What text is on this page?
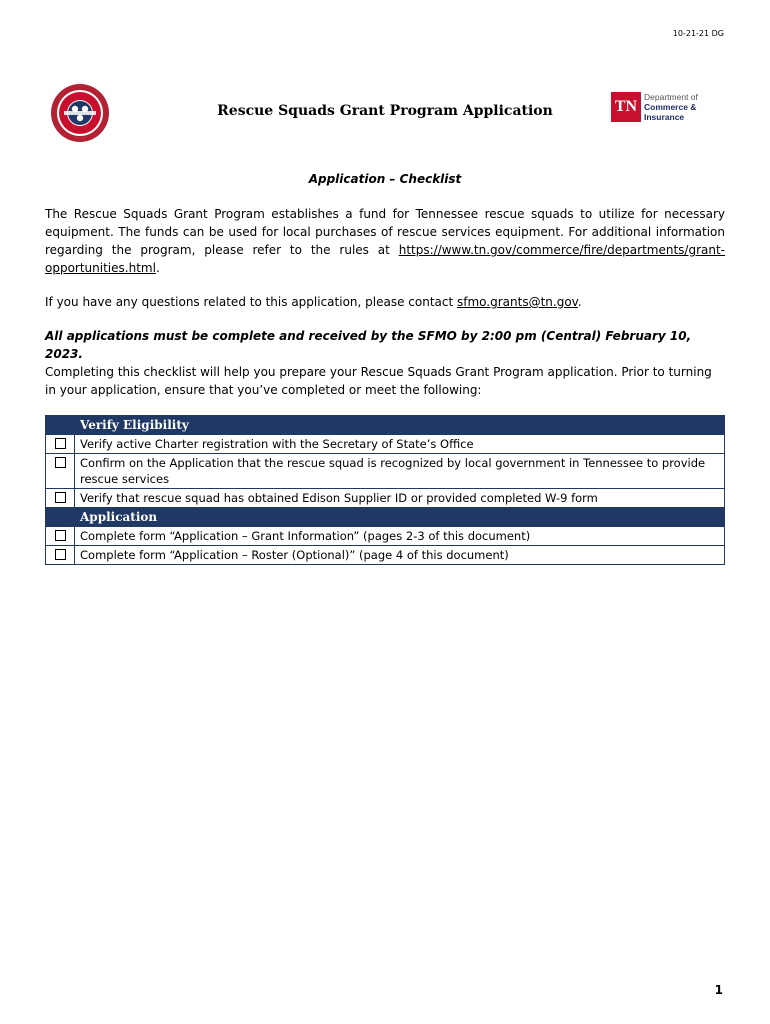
10-21-21 DG
Rescue Squads Grant Program Application	TN
Department of
Commerce &
Insurance
Application – Checklist
The Rescue Squads Grant Program establishes a fund for Tennessee rescue squads to utilize for necessary equipment. The funds can be used for local purchases of rescue services equipment. For additional information regarding the program, please refer to the rules at https://www.tn.gov/commerce/fire/departments/grant-opportunities.html.
If you have any questions related to this application, please contact sfmo.grants@tn.gov.
All applications must be complete and received by the SFMO by 2:00 pm (Central) February 10, 2023.
Completing this checklist will help you prepare your Rescue Squads Grant Program application. Prior to turning in your application, ensure that you’ve completed or meet the following:
	Verify Eligibility
	Verify active Charter registration with the Secretary of State’s Office
	Confirm on the Application that the rescue squad is recognized by local government in Tennessee to provide rescue services
	Verify that rescue squad has obtained Edison Supplier ID or provided completed W-9 form
	Application
	Complete form “Application – Grant Information” (pages 2-3 of this document)
	Complete form “Application – Roster (Optional)” (page 4 of this document)
1
